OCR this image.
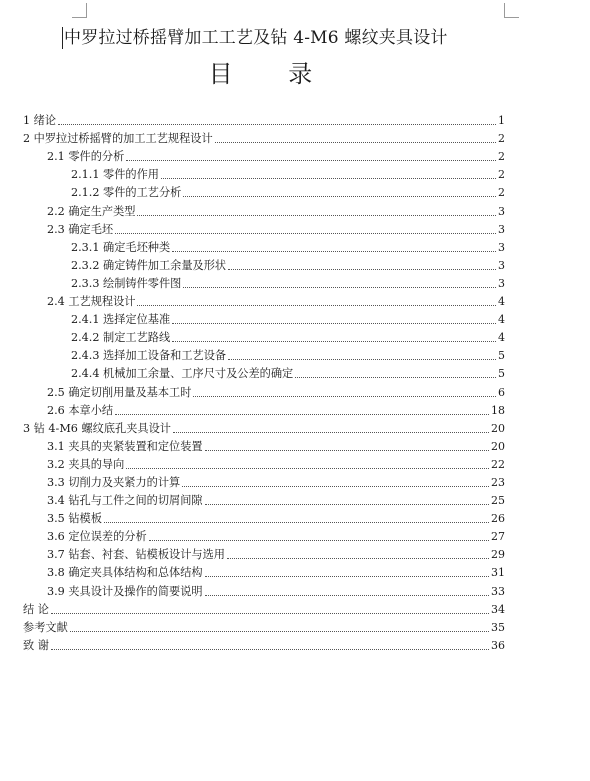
中罗拉过桥摇臂加工工艺及钻 4-M6 螺纹夹具设计
目 录
1 绪论	1
2 中罗拉过桥摇臂的加工工艺规程设计	2
2.1 零件的分析	2
2.1.1 零件的作用	2
2.1.2 零件的工艺分析	2
2.2 确定生产类型	3
2.3 确定毛坯	3
2.3.1 确定毛坯种类	3
2.3.2 确定铸件加工余量及形状	3
2.3.3 绘制铸件零件图	3
2.4 工艺规程设计	4
2.4.1 选择定位基准	4
2.4.2 制定工艺路线	4
2.4.3 选择加工设备和工艺设备	5
2.4.4 机械加工余量、工序尺寸及公差的确定	5
2.5 确定切削用量及基本工时	6
2.6 本章小结	18
3 钻 4-M6 螺纹底孔夹具设计	20
3.1 夹具的夹紧装置和定位装置	20
3.2 夹具的导向	22
3.3 切削力及夹紧力的计算	23
3.4 钻孔与工件之间的切屑间隙	25
3.5 钻模板	26
3.6 定位误差的分析	27
3.7 钻套、衬套、钻模板设计与选用	29
3.8 确定夹具体结构和总体结构	31
3.9 夹具设计及操作的简要说明	33
结 论	34
参考文献	35
致 谢	36
